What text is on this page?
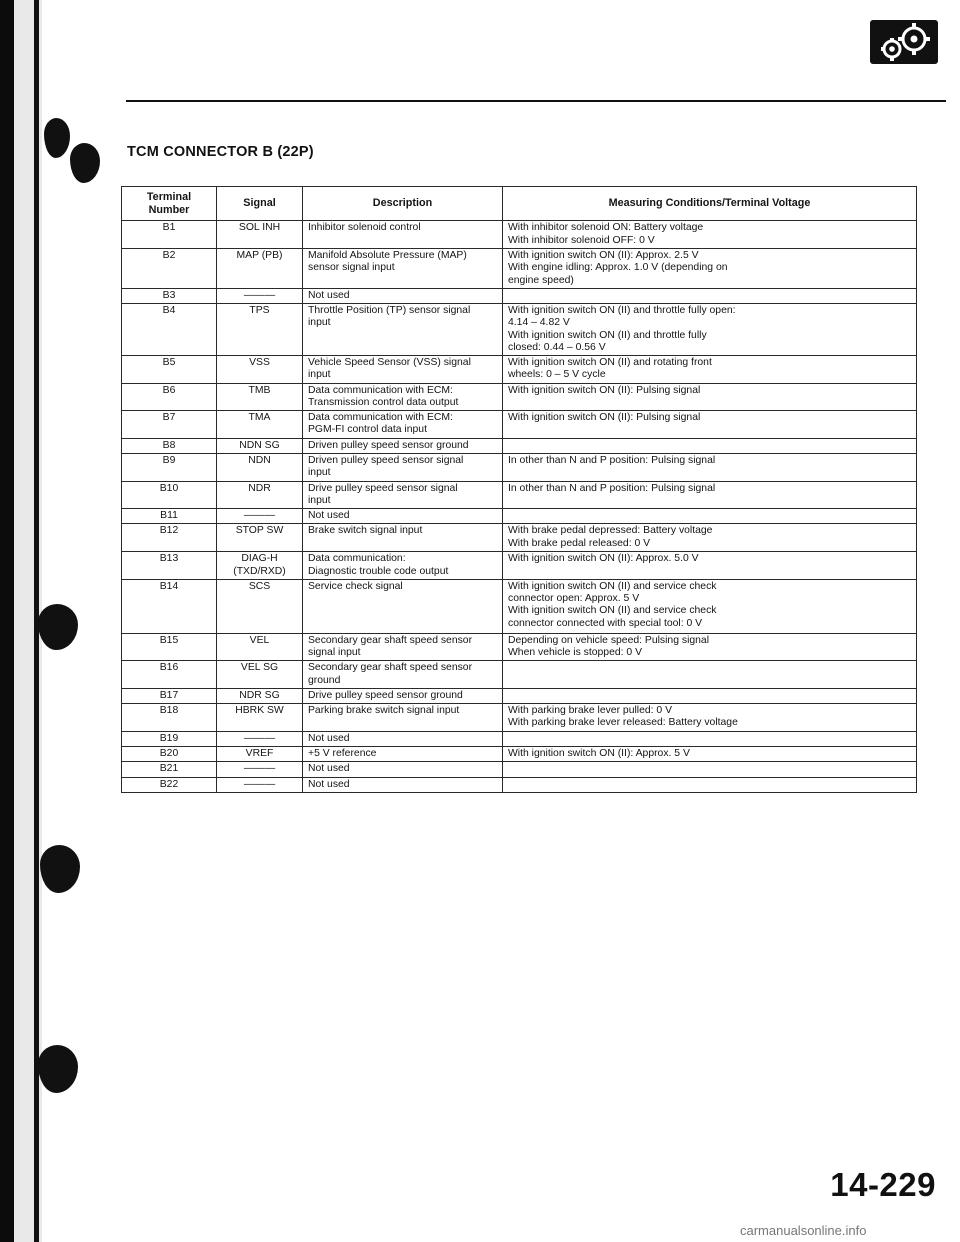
TCM CONNECTOR B (22P)
Terminal Number	Signal	Description	Measuring Conditions/Terminal Voltage
B1	SOL INH	Inhibitor solenoid control	With inhibitor solenoid ON: Battery voltage
With inhibitor solenoid OFF: 0 V
B2	MAP (PB)	Manifold Absolute Pressure (MAP)
sensor signal input	With ignition switch ON (II): Approx. 2.5 V
With engine idling: Approx. 1.0 V (depending on
engine speed)
B3	———	Not used	
B4	TPS	Throttle Position (TP) sensor signal
input	With ignition switch ON (II) and throttle fully open:
4.14 – 4.82 V
With ignition switch ON (II) and throttle fully
closed: 0.44 – 0.56 V
B5	VSS	Vehicle Speed Sensor (VSS) signal
input	With ignition switch ON (II) and rotating front
wheels: 0 – 5 V cycle
B6	TMB	Data communication with ECM:
Transmission control data output	With ignition switch ON (II): Pulsing signal
B7	TMA	Data communication with ECM:
PGM-FI control data input	With ignition switch ON (II): Pulsing signal
B8	NDN SG	Driven pulley speed sensor ground	
B9	NDN	Driven pulley speed sensor signal
input	In other than N and P position: Pulsing signal
B10	NDR	Drive pulley speed sensor signal
input	In other than N and P position: Pulsing signal
B11	———	Not used	
B12	STOP SW	Brake switch signal input	With brake pedal depressed: Battery voltage
With brake pedal released: 0 V
B13	DIAG-H (TXD/RXD)	Data communication:
Diagnostic trouble code output	With ignition switch ON (II): Approx. 5.0 V
B14	SCS	Service check signal	With ignition switch ON (II) and service check
connector open: Approx. 5 V
With ignition switch ON (II) and service check
connector connected with special tool: 0 V
B15	VEL	Secondary gear shaft speed sensor
signal input	Depending on vehicle speed: Pulsing signal
When vehicle is stopped: 0 V
B16	VEL SG	Secondary gear shaft speed sensor
ground	
B17	NDR SG	Drive pulley speed sensor ground	
B18	HBRK SW	Parking brake switch signal input	With parking brake lever pulled: 0 V
With parking brake lever released: Battery voltage
B19	———	Not used	
B20	VREF	+5 V reference	With ignition switch ON (II): Approx. 5 V
B21	———	Not used	
B22	———	Not used	
14-229
carmanualsonline.info
